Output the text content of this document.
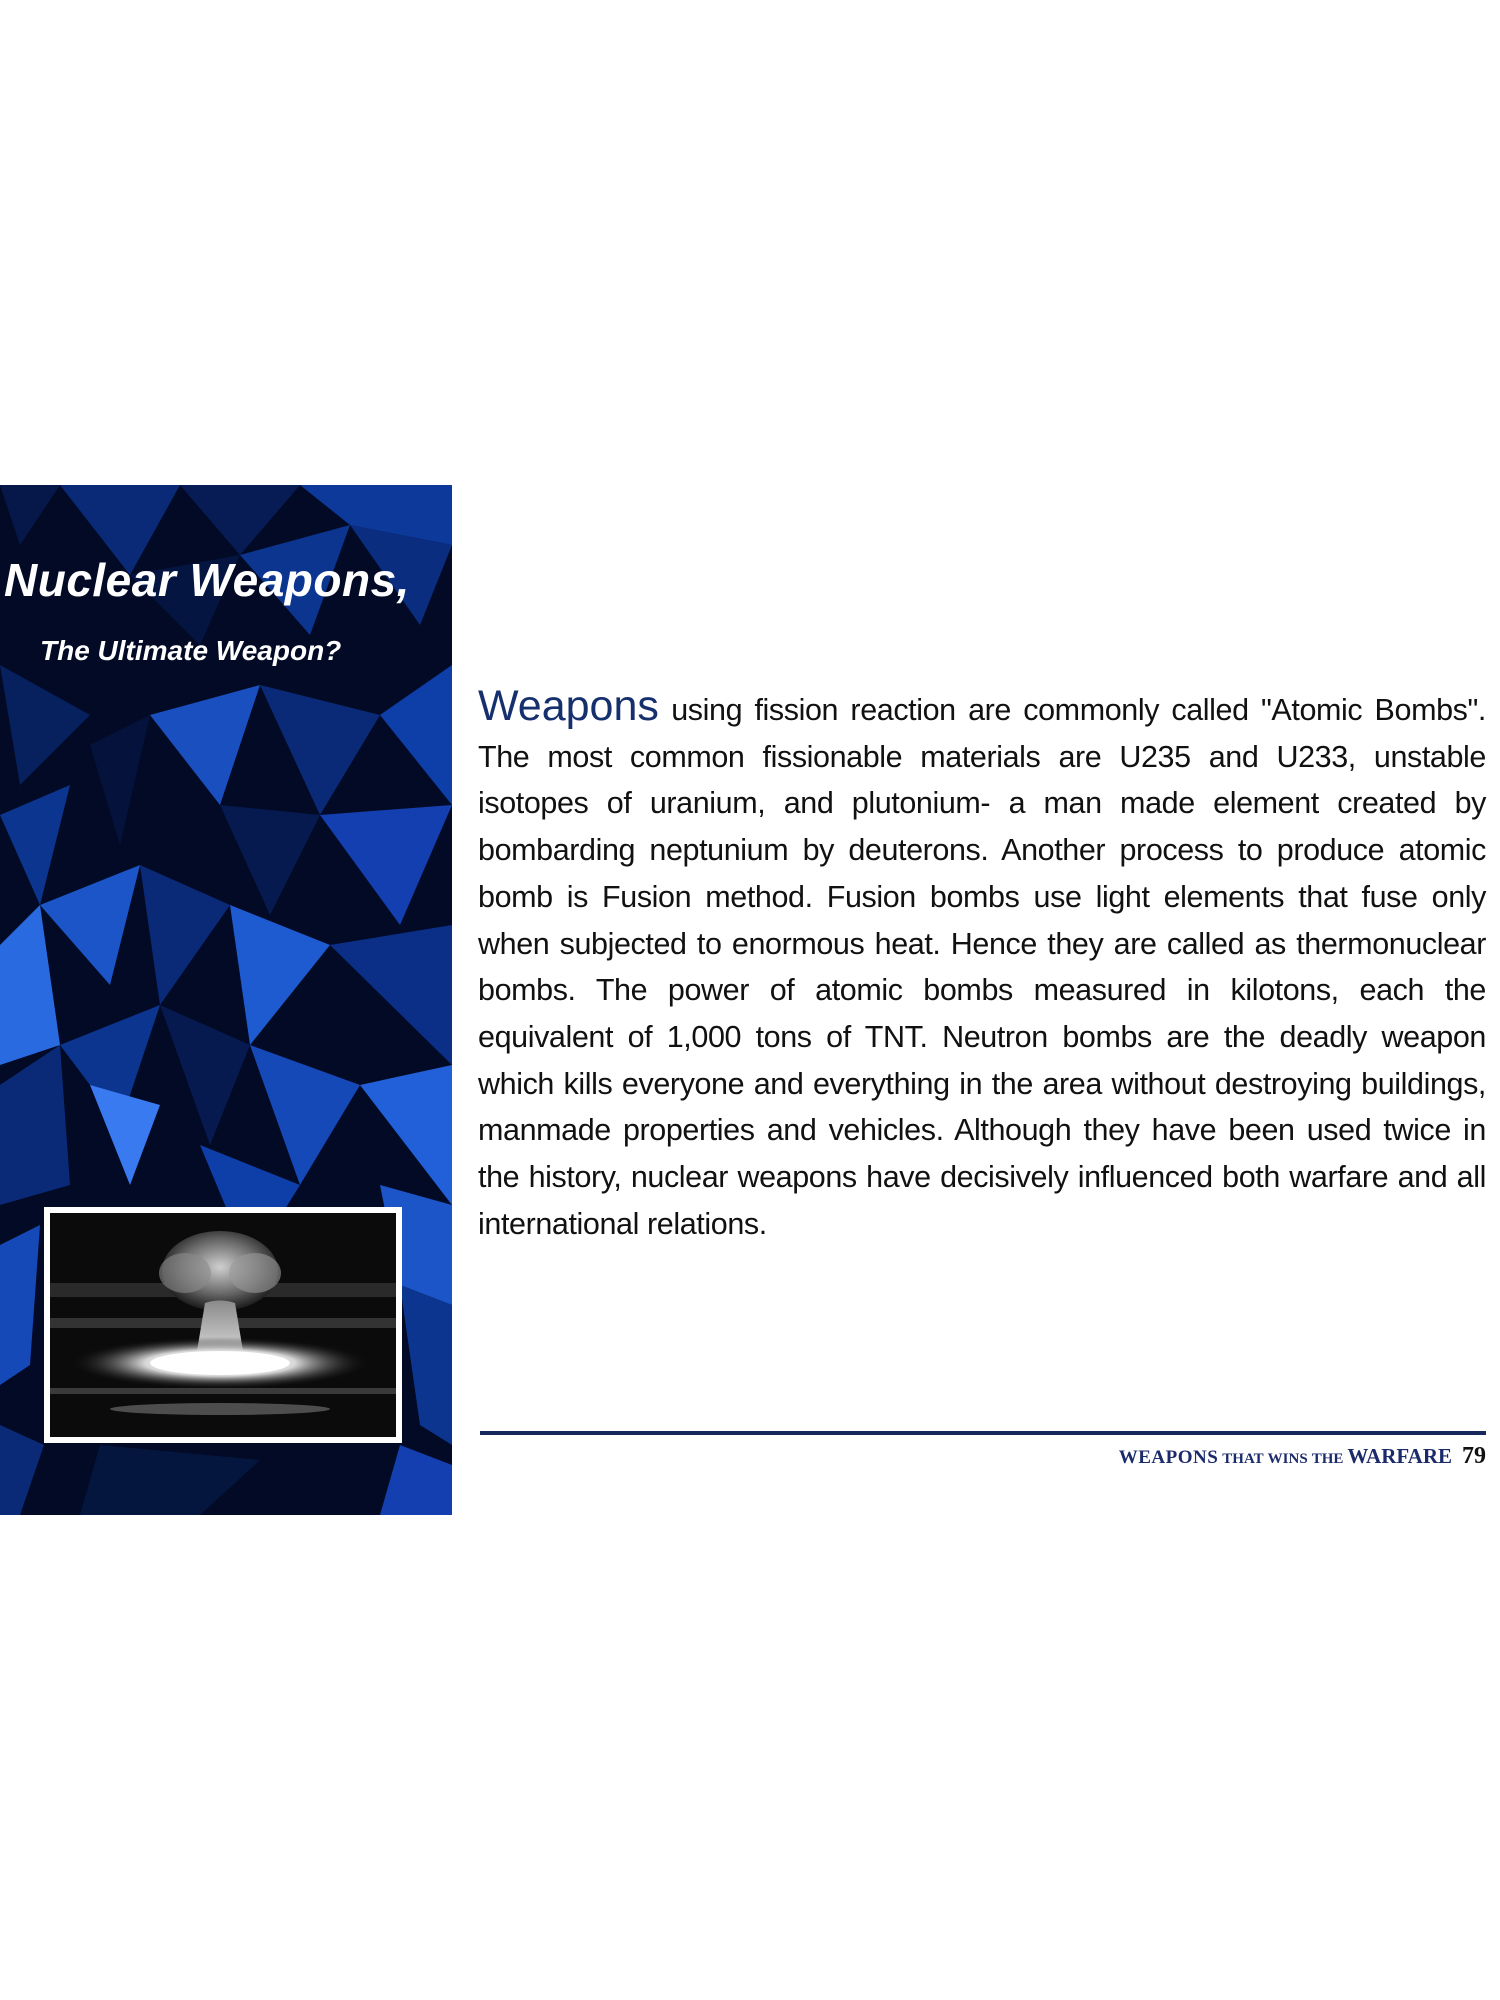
Nuclear Weapons,
The Ultimate Weapon?

Weapons using fission reaction are commonly called "Atomic Bombs". The most common fissionable materials are U235 and U233, unstable isotopes of uranium, and plutonium- a man made element created by bombarding neptunium by deuterons. Another process to produce atomic bomb is Fusion method. Fusion bombs use light elements that fuse only when subjected to enormous heat. Hence they are called as thermonuclear bombs. The power of atomic bombs measured in kilotons, each the equivalent of 1,000 tons of TNT. Neutron bombs are the deadly weapon which kills everyone and everything in the area without destroying buildings, manmade properties and vehicles. Although they have been used twice in the history, nuclear weapons have decisively influenced both warfare and all international relations.

WEAPONS THAT WINS THE WARFARE 79
